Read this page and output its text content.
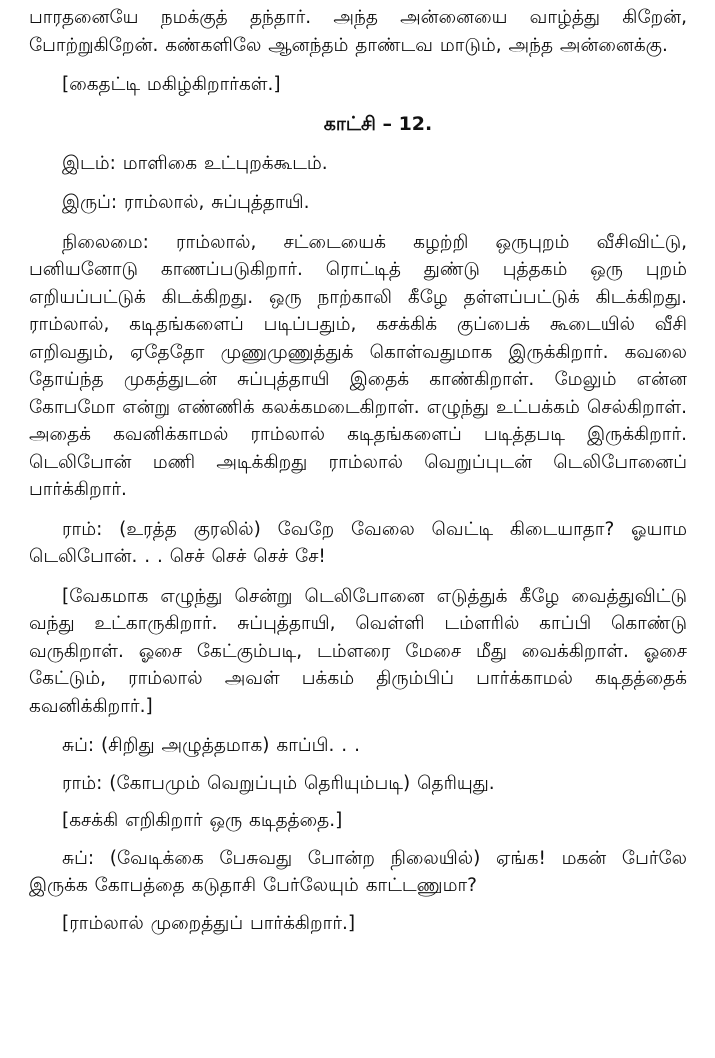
பாரதனையே நமக்குத் தந்தார். அந்த அன்னையை வாழ்த்து கிறேன், போற்றுகிறேன். கண்களிலே ஆனந்தம் தாண்டவ மாடும், அந்த அன்னைக்கு.

[கைதட்டி மகிழ்கிறார்கள்.]

காட்சி – 12.

இடம்: மாளிகை உட்புறக்கூடம்.

இருப்: ராம்லால், சுப்புத்தாயி.

நிலைமை: ராம்லால், சட்டையைக் கழற்றி ஒருபுறம் வீசிவிட்டு, பனியனோடு காணப்படுகிறார். ரொட்டித் துண்டு புத்தகம் ஒரு புறம் எறியப்பட்டுக் கிடக்கிறது. ஒரு நாற்காலி கீழே தள்ளப்பட்டுக் கிடக்கிறது. ராம்லால், கடிதங்களைப் படிப்பதும், கசக்கிக் குப்பைக் கூடையில் வீசி எறிவதும், ஏதேதோ முணுமுணுத்துக் கொள்வதுமாக இருக்கிறார். கவலை தோய்ந்த முகத்துடன் சுப்புத்தாயி இதைக் காண்கிறாள். மேலும் என்ன கோபமோ என்று எண்ணிக் கலக்கமடைகிறாள். எழுந்து உட்பக்கம் செல்கிறாள். அதைக் கவனிக்காமல் ராம்லால் கடிதங்களைப் படித்தபடி இருக்கிறார். டெலிபோன் மணி அடிக்கிறது ராம்லால் வெறுப்புடன் டெலிபோனைப் பார்க்கிறார்.

ராம்: (உரத்த குரலில்) வேறே வேலை வெட்டி கிடையாதா? ஓயாம டெலிபோன். . . செச் செச் செச் சே!

[வேகமாக எழுந்து சென்று டெலிபோனை எடுத்துக் கீழே வைத்துவிட்டு வந்து உட்காருகிறார். சுப்புத்தாயி, வெள்ளி டம்ளரில் காப்பி கொண்டு வருகிறாள். ஓசை கேட்கும்படி, டம்ளரை மேசை மீது வைக்கிறாள். ஓசை கேட்டும், ராம்லால் அவள் பக்கம் திரும்பிப் பார்க்காமல் கடிதத்தைக் கவனிக்கிறார்.]

சுப்: (சிறிது அழுத்தமாக) காப்பி. . .

ராம்: (கோபமும் வெறுப்பும் தெரியும்படி) தெரியுது.

[கசக்கி எறிகிறார் ஒரு கடிதத்தை.]

சுப்: (வேடிக்கை பேசுவது போன்ற நிலையில்) ஏங்க! மகன் பேர்லே இருக்க கோபத்தை கடுதாசி பேர்லேயும் காட்டணுமா?

[ராம்லால் முறைத்துப் பார்க்கிறார்.]
